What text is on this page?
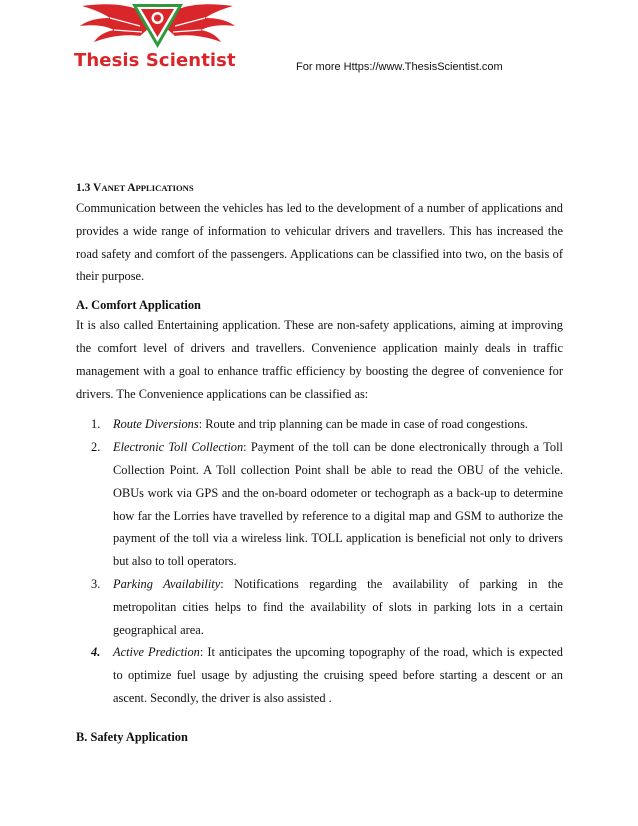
Thesis Scientist	For more Https://www.ThesisScientist.com
1.3 VANET APPLICATIONS

Communication between the vehicles has led to the development of a number of applications and provides a wide range of information to vehicular drivers and travellers. This has increased the road safety and comfort of the passengers. Applications can be classified into two, on the basis of their purpose.

A. Comfort Application

It is also called Entertaining application. These are non-safety applications, aiming at improving the comfort level of drivers and travellers. Convenience application mainly deals in traffic management with a goal to enhance traffic efficiency by boosting the degree of convenience for drivers. The Convenience applications can be classified as:

1. Route Diversions: Route and trip planning can be made in case of road congestions.
2. Electronic Toll Collection: Payment of the toll can be done electronically through a Toll Collection Point. A Toll collection Point shall be able to read the OBU of the vehicle. OBUs work via GPS and the on-board odometer or techograph as a back-up to determine how far the Lorries have travelled by reference to a digital map and GSM to authorize the payment of the toll via a wireless link. TOLL application is beneficial not only to drivers but also to toll operators.
3. Parking Availability: Notifications regarding the availability of parking in the metropolitan cities helps to find the availability of slots in parking lots in a certain geographical area.
4. Active Prediction: It anticipates the upcoming topography of the road, which is expected to optimize fuel usage by adjusting the cruising speed before starting a descent or an ascent. Secondly, the driver is also assisted .
B. Safety Application
